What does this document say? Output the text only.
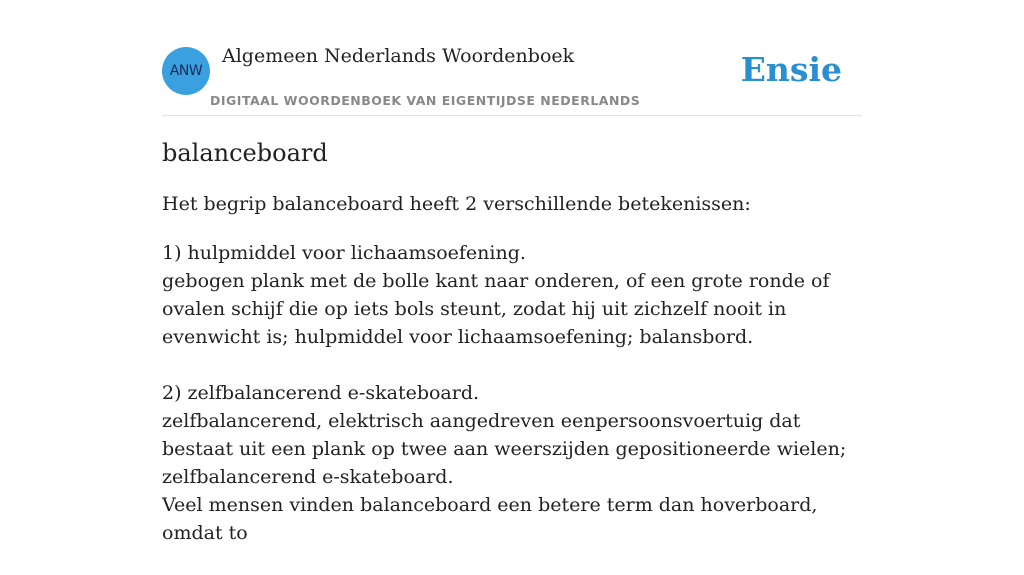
ANW
Algemeen Nederlands Woordenboek
DIGITAAL WOORDENBOEK VAN EIGENTIJDSE NEDERLANDS
Ensie
balanceboard
Het begrip balanceboard heeft 2 verschillende betekenissen:

1) hulpmiddel voor lichaamsoefening.

gebogen plank met de bolle kant naar onderen, of een grote ronde of ovalen schijf die op iets bols steunt, zodat hij uit zichzelf nooit in evenwicht is; hulpmiddel voor lichaamsoefening; balansbord.

2) zelfbalancerend e-skateboard.

zelfbalancerend, elektrisch aangedreven eenpersoonsvoertuig dat bestaat uit een plank op twee aan weerszijden gepositioneerde wielen; zelfbalancerend e-skateboard.

Veel mensen vinden balanceboard een betere term dan hoverboard, omdat to
